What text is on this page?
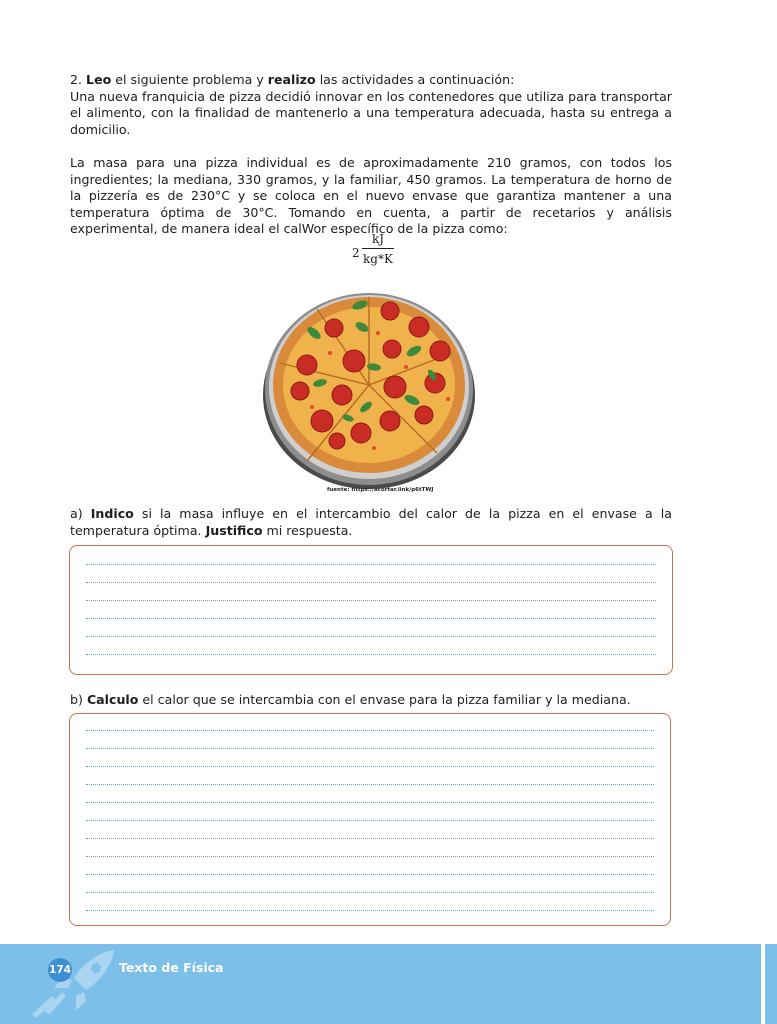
2. Leo el siguiente problema y realizo las actividades a continuación:
Una nueva franquicia de pizza decidió innovar en los contenedores que utiliza para transportar el alimento, con la finalidad de mantenerlo a una temperatura adecuada, hasta su entrega a domicilio.
La masa para una pizza individual es de aproximadamente 210 gramos, con todos los ingredientes; la mediana, 330 gramos, y la familiar, 450 gramos. La temperatura de horno de la pizzería es de 230°C y se coloca en el nuevo envase que garantiza mantener a una temperatura óptima de 30°C. Tomando en cuenta, a partir de recetarios y análisis experimental, de manera ideal el calWor específico de la pizza como:
2
kJ
kg*K
fuente: https://acortar.link/p6tTWJ
a) Indico si la masa influye en el intercambio del calor de la pizza en el envase a la temperatura óptima. Justifico mi respuesta.
b) Calculo el calor que se intercambia con el envase para la pizza familiar y la mediana.
174	Texto de Física
